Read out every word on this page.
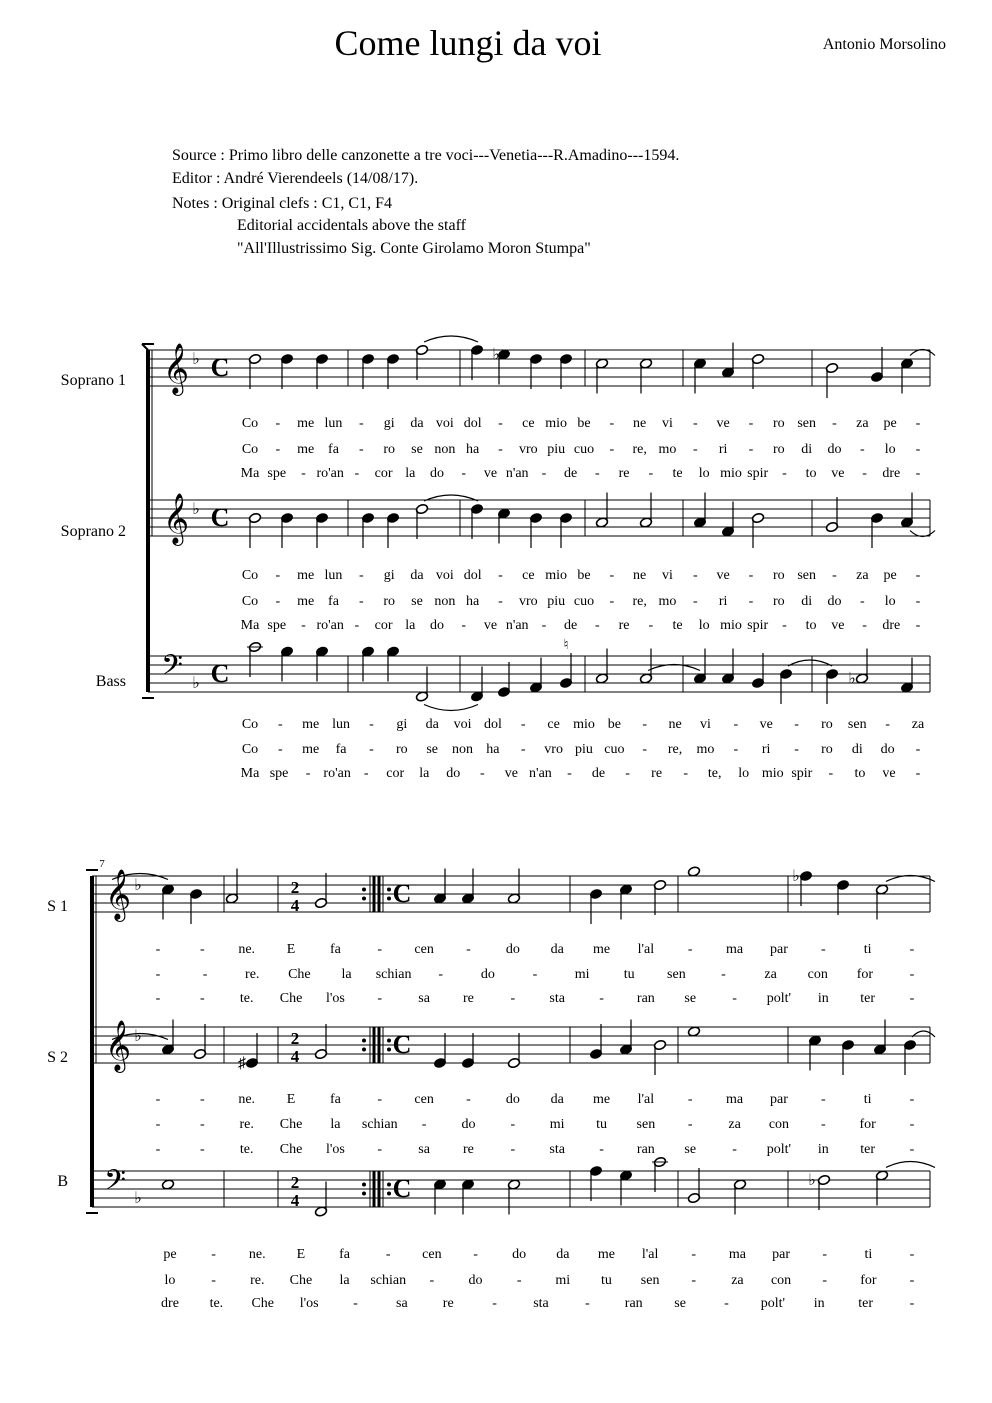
Come lungi da voi	Antonio Morsolino
Source : Primo libro delle canzonette a tre voci---Venetia---R.Amadino---1594.
Editor : André Vierendeels (14/08/17).
Notes : Original clefs : C1, C1, F4
Editorial accidentals above the staff
"All'Illustrissimo Sig. Conte Girolamo Moron Stumpa"
Soprano 1
Soprano 2
Bass
S 1
S 2
B
𝄞 ♭ C
𝄞 ♭ C
𝄢 ♭ C
♭
♮
♭
Co - me lun - gi da voi dol - ce mio be - ne vi - ve - ro sen - za pe -
Co - me fa - ro se non ha - vro piu cuo - re, mo - ri - ro di do - lo -
Ma spe - ro'an - cor la do - ve n'an - de - re - te lo mio spir - to ve - dre -
Co - me lun - gi da voi dol - ce mio be - ne vi - ve - ro sen - za pe -
Co - me fa - ro se non ha - vro piu cuo - re, mo - ri - ro di do - lo -
Ma spe - ro'an - cor la do - ve n'an - de - re - te lo mio spir - to ve - dre -
Co - me lun - gi da voi dol - ce mio be - ne vi - ve - ro sen - za
Co - me fa - ro se non ha - vro piu cuo - re, mo - ri - ro di do -
Ma spe - ro'an - cor la do - ve n'an - de - re - te, lo mio spir - to ve -
7
𝄞 ♭
𝄞 ♭
𝄢 ♭
2
4	C
2
4	C
2
4	C
♭
♯
♭
-	- ne. E fa	- cen -	do da me l'al - ma par -	ti	-
-	-	re. Che la schian -	do	-	mi tu sen	-	za con for	-
-	-	te. Che l'os -	sa re	- sta - ran se	- polt' in ter -
-	- ne. E fa	- cen -	do da me l'al - ma par -	ti	-
-	- re. Che la schian -	do	- mi tu sen -	za con - for -
-	-	te. Che l'os -	sa re	- sta - ran se	- polt' in ter -
pe - ne. E fa	- cen - do da me l'al - ma par -	ti	-
lo	- re. Che la schian - do - mi tu sen -	za con - for -
dre te. Che l'os -	sa	re	-	sta	-	ran se	- polt' in ter	-
